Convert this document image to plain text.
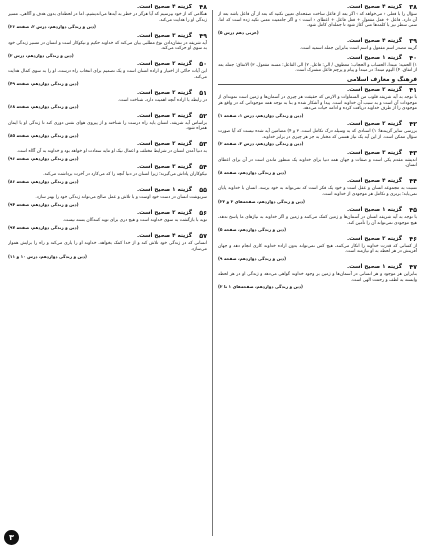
۳۸
گزینه ۴ صحیح است.
سؤال را با فعلی ‹ می‌خواهد که › اگر بعد از فاعل ساخت صفحه‌ای تعیین نکنید که بعد از آن فاعل باشد بعد از آن دارد. فاعل + فعل مفعول + فعل فاعل + اعطای ‹ است › و اگر جامعیت معنی تکیه زده است که اما. سنی سطر نیز با کلمه‌ها منی آغاز شود تا جمله‌ای کامل شود.
(عربی دهم درس ۵)
۳۹
گزینه ۴ صحیح است.
گزینه مصدر اسم مفعول و اسم است بنابراین جمله اسمیه است.
۴۰
گزینه ۱ صحیح است.
۱) الحمید: مبتدا، الحساب و الحجاب: معطوف / الی: فاعل. ۲) الی الفاعل: مسند مفعول. ۳) الاتفاق: جمله بعد از اتفاق. ۴) الیوم مبتدا: در مبتدا و پیام و پرچم فاعل مشترک است.
فرهنگ و معارف اسلامی
۴۱
گزینه ۲ صحیح است.
با توجه به آیه شریفه قلوب من السماوات و الارض که حقیقت هر چیزی در آسمان‌ها و زمین است نمونه‌ای از موجودات آن است و به سبب آن خداوند است. پیدا و آشکار شده و بنا به توجه همه موجوداتی که در واقع هر موجودی را از طرف خداوند دریافت کرده و ادامه حیات می‌دهد.
(دین و زندگی دوازدهم، درس ۱، صفحه ۱)
۴۲
گزینه ۲ صحیح است.
بررسی سایر گزینه‌ها: ۱) اسنادی که به وسیله درک تکامل است. ۳ و ۴) مضامین آیه شده نیست که آیا صورت سؤال ممکن است. از این آیه یک نیاز هستی که مختار به جز هر چیزی در برابر خداوند.
(دین و زندگی دوازدهم، درس ۲، صفحه ۲)
۴۳
گزینه ۳ صحیح است.
اندیشه مقدم یکی است و صفات و جهان همه دنیا برای خداوند یک منظور ماندن است در آن برای اعطای انسان.
(دین و زندگی دوازدهم، صفحه ۸)
۴۴
گزینه ۴ صحیح است.
نسبت به مجموعه انسان و عقل است و خود یک فکر است که نمی‌تواند به خود برسد. انسان با خداوند پایان نمی‌یابد؛ برتری و تکامل هر موجودی از خداوند است.
(دین و زندگی دوازدهم، صفحه‌های ۳ و ۲۲)
۴۵
گزینه ۱ صحیح است.
با توجه به آیه شریفه انسان در آسمان‌ها و زمین کمک می‌کنند و زمین و اگر خداوند به نیازهای ما پاسخ ندهد، هیچ موجودی نمی‌تواند آن را تأمین کند.
(دین و زندگی دوازدهم، صفحه ۵)
۴۶
گزینه ۲ صحیح است.
از کسانی که قدرت خداوند را انکار می‌کنند، هیچ کس نمی‌تواند بدون اراده خداوند کاری انجام دهد و جهان آفرینش در هر لحظه به او نیازمند است.
(دین و زندگی دوازدهم، صفحه ۹)
۴۷
گزینه ۱ صحیح است.
بنابراین هر موجود و هر انسانی در آسمان‌ها و زمین بر وجود خداوند گواهی می‌دهد و زندگی او در هر لحظه وابسته به لطف و رحمت الهی است.
(دین و زندگی دوازدهم، صفحه‌های ۱ تا ۲)
۴۸
گزینه ۴ صحیح است.
هنگامی که از خود بپرسیم که آیا هرگز در خطر به آیه‌ها می‌اندیشیم، اما در لحظه‌ای بدون هدف و آگاهی، مسیر زندگی او را هدایت می‌کند.
(دین و زندگی دوازدهم، درس ۲، صفحه ۲۶)
۴۹
گزینه ۳ صحیح است.
آیه شریفه در نشان‌دادن نوع مطلبی بیان می‌کند که خداوند حکیم و نیکوکار است و انسان در مسیر زندگی خود به سوی او حرکت می‌کند.
(دین و زندگی دوازدهم، درس ۲)
۵۰
گزینه ۲ صحیح است.
این آیات حاکی از اختیار و اراده انسان است و یک تصمیم برای انتخاب راه درست، او را به سوی کمال هدایت می‌کند.
(دین و زندگی دوازدهم، صفحه ۴۹)
۵۱
گزینه ۲ صحیح است.
در رابطه با اراده آنچه اهمیت دارد، شناخت است.
(دین و زندگی دوازدهم، صفحه ۶۸)
۵۲
گزینه ۳ صحیح است.
براساس آیه شریفه، انسان باید راه درست را شناخته و از پیروی هوای نفس دوری کند تا زندگی او با ایمان همراه شود.
(دین و زندگی دوازدهم، صفحه ۸۵)
۵۳
گزینه ۲ صحیح است.
به دنیا آمدن انسان در شرایط مختلف و اعمال نیک او مایه سعادت او خواهد بود و خداوند به آن آگاه است.
(دین و زندگی دوازدهم، صفحه ۹۶)
۵۴
گزینه ۳ صحیح است.
نیکوکاران پاداش می‌گیرند؛ زیرا انسان در دنیا آنچه را که می‌کارد در آخرت برداشت می‌کند.
(دین و زندگی دوازدهم، صفحه ۸۶)
۵۵
گزینه ۱ صحیح است.
سرنوشت انسان در دست خود اوست و با تلاش و عمل صالح می‌تواند زندگی خود را بهتر سازد.
(دین و زندگی دوازدهم، صفحه ۹۴)
۵۶
گزینه ۲ صحیح است.
توبه با بازگشت به سوی خداوند است و هیچ دری برای توبه کنندگان بسته نیست.
(دین و زندگی دوازدهم، صفحه ۹۷)
۵۷
گزینه ۴ صحیح است.
انسانی که در زندگی خود تلاش کند و از خدا کمک بخواهد، خداوند او را یاری می‌کند و راه را برایش هموار می‌سازد.
(دین و زندگی دوازدهم، درس ۱۰ و ۱۱)
۳
